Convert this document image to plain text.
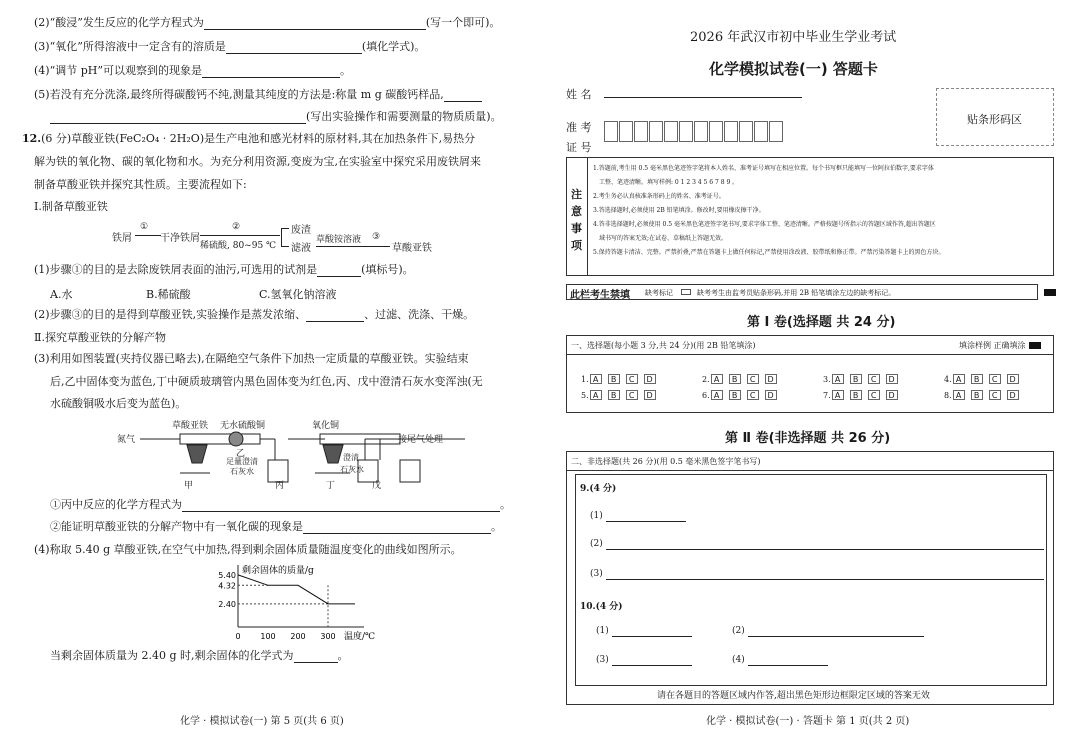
(2)“酸浸”发生反应的化学方程式为	(写一个即可)。
(3)“氧化”所得溶液中一定含有的溶质是	(填化学式)。
(4)“调节 pH”可以观察到的现象是	。
(5)若没有充分洗涤,最终所得碳酸钙不纯,测量其纯度的方法是:称量 m g 碳酸钙样品,
(写出实验操作和需要测量的物质质量)。
12.(6 分)草酸亚铁(FeC₂O₄ · 2H₂O)是生产电池和感光材料的原材料,其在加热条件下,易热分
解为铁的氧化物、碳的氧化物和水。为充分利用资源,变废为宝,在实验室中探究采用废铁屑来
制备草酸亚铁并探究其性质。主要流程如下:
Ⅰ.制备草酸亚铁
铁屑
①
干净铁屑
②
稀硫酸, 80~95 ℃
废渣
滤液
草酸铵溶液 ③
草酸亚铁
(1)步骤①的目的是去除废铁屑表面的油污,可选用的试剂是	(填标号)。
A.水	B.稀硫酸	C.氢氧化钠溶液
(2)步骤③的目的是得到草酸亚铁,实验操作是蒸发浓缩、	、过滤、洗涤、干燥。
Ⅱ.探究草酸亚铁的分解产物
(3)利用如图装置(夹持仪器已略去),在隔绝空气条件下加热一定质量的草酸亚铁。实验结束
后,乙中固体变为蓝色,丁中硬质玻璃管内黑色固体变为红色,丙、戊中澄清石灰水变浑浊(无
水硫酸铜吸水后变为蓝色)。
氮气
草酸亚铁 无水硫酸铜	氧化铜
接尾气处理
甲
乙
足量澄清
石灰水
丙	丁
澄清
石灰水
戊
①丙中反应的化学方程式为	。
②能证明草酸亚铁的分解产物中有一氧化碳的现象是	。
(4)称取 5.40 g 草酸亚铁,在空气中加热,得到剩余固体质量随温度变化的曲线如图所示。
剩余固体的质量/g
温度/℃
5.40
4.32
2.40
0 100 200 300
当剩余固体质量为 2.40 g 时,剩余固体的化学式为	。
化学 · 模拟试卷(一) 第 5 页(共 6 页)
2026 年武汉市初中毕业生学业考试
化学模拟试卷(一) 答题卡
姓 名
准 考
证 号
贴条形码区
注
意
事
项
1.答题前,考生用 0.5 毫米黑色笔迹签字笔将本人姓名、准考证号填写在相应位置。每个书写框只能填写一位阿拉伯数字,要求字体
工整、笔迹清晰。填写样例: 0 1 2 3 4 5 6 7 8 9 。
2.考生务必认真核准条形码上的姓名、准考证号。
3.答选择题时,必须使用 2B 铅笔填涂。修改时,要用橡皮擦干净。
4.答非选择题时,必须使用 0.5 毫米黑色笔迹签字笔书写,要求字体工整、笔迹清晰。严格按题号所指示的答题区域作答,超出答题区
域书写的答案无效;在试卷、草稿纸上答题无效。
5.保持答题卡清洁、完整。严禁折叠,严禁在答题卡上做任何标记,严禁使用涂改液、胶带纸和修正带。严禁污染答题卡上的黑色方块。
此栏考生禁填 缺考标记	缺考考生由监考员贴条形码,并用 2B 铅笔填涂左边的缺考标记。
第 Ⅰ 卷(选择题 共 24 分)
一、选择题(每小题 3 分,共 24 分)(用 2B 铅笔填涂)	填涂样例 正确填涂
1. A B C D	2. A B C D	3. A B C D	4. A B C D
5. A B C D	6. A B C D	7. A B C D	8. A B C D
第 Ⅱ 卷(非选择题 共 26 分)
二、非选择题(共 26 分)(用 0.5 毫米黑色签字笔书写)
9.(4 分)
(1)
(2)
(3)
10.(4 分)
(1)	(2)
(3)	(4)
请在各题目的答题区域内作答,超出黑色矩形边框限定区域的答案无效
化学 · 模拟试卷(一) · 答题卡 第 1 页(共 2 页)
